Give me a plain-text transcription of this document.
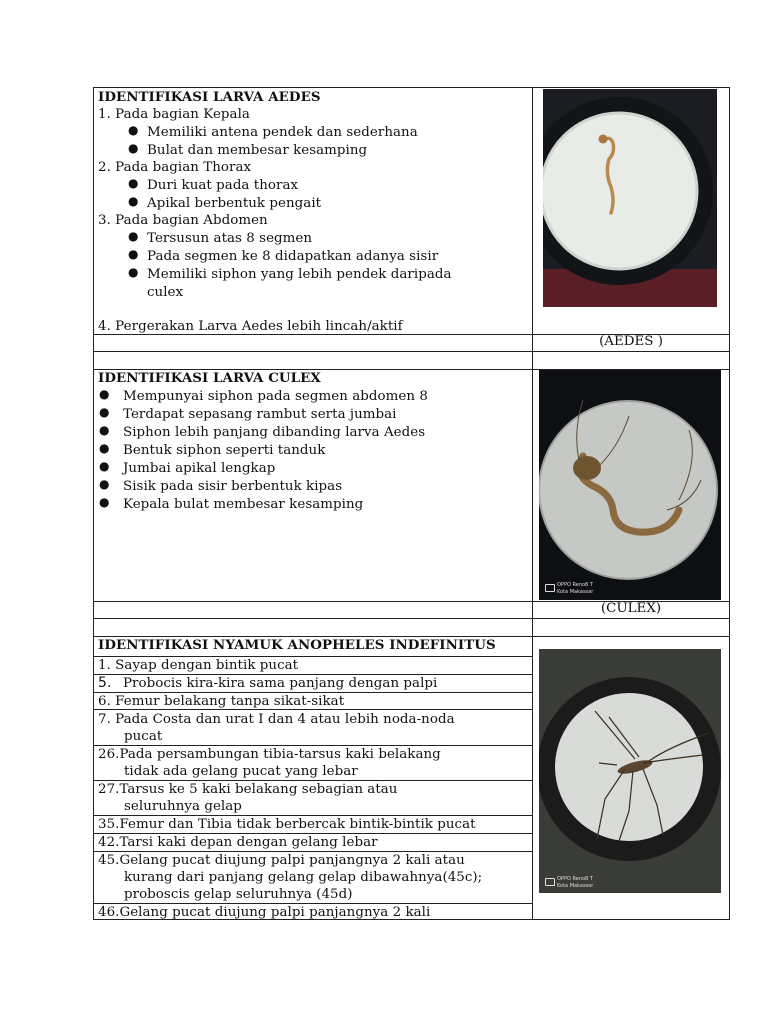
IDENTIFIKASI LARVA AEDES
1. Pada bagian Kepala
● Memiliki antena pendek dan sederhana
● Bulat dan membesar kesamping
2. Pada bagian Thorax
● Duri kuat pada thorax
● Apikal berbentuk pengait
3. Pada bagian Abdomen
● Tersusun atas 8 segmen
● Pada segmen ke 8 didapatkan adanya sisir
● Memiliki siphon yang lebih pendek daripada
culex
4. Pergerakan Larva Aedes lebih lincah/aktif
(AEDES )
IDENTIFIKASI LARVA CULEX
● Mempunyai siphon pada segmen abdomen 8
● Terdapat sepasang rambut serta jumbai
● Siphon lebih panjang dibanding larva Aedes
● Bentuk siphon seperti tanduk
● Jumbai apikal lengkap
● Sisik pada sisir berbentuk kipas
● Kepala bulat membesar kesamping
OPPO Reno8 T
Kota Makassar
(CULEX)
IDENTIFIKASI NYAMUK ANOPHELES INDEFINITUS
1. Sayap dengan bintik pucat
5. Probocis kira-kira sama panjang dengan palpi
6. Femur belakang tanpa sikat-sikat
7. Pada Costa dan urat I dan 4 atau lebih noda-noda
pucat
26.Pada persambungan tibia-tarsus kaki belakang
tidak ada gelang pucat yang lebar
27.Tarsus ke 5 kaki belakang sebagian atau
seluruhnya gelap
35.Femur dan Tibia tidak berbercak bintik-bintik pucat
42.Tarsi kaki depan dengan gelang lebar
45.Gelang pucat diujung palpi panjangnya 2 kali atau
kurang dari panjang gelang gelap dibawahnya(45c);
proboscis gelap seluruhnya (45d)
46.Gelang pucat diujung palpi panjangnya 2 kali
OPPO Reno8 T
Kota Makassar
